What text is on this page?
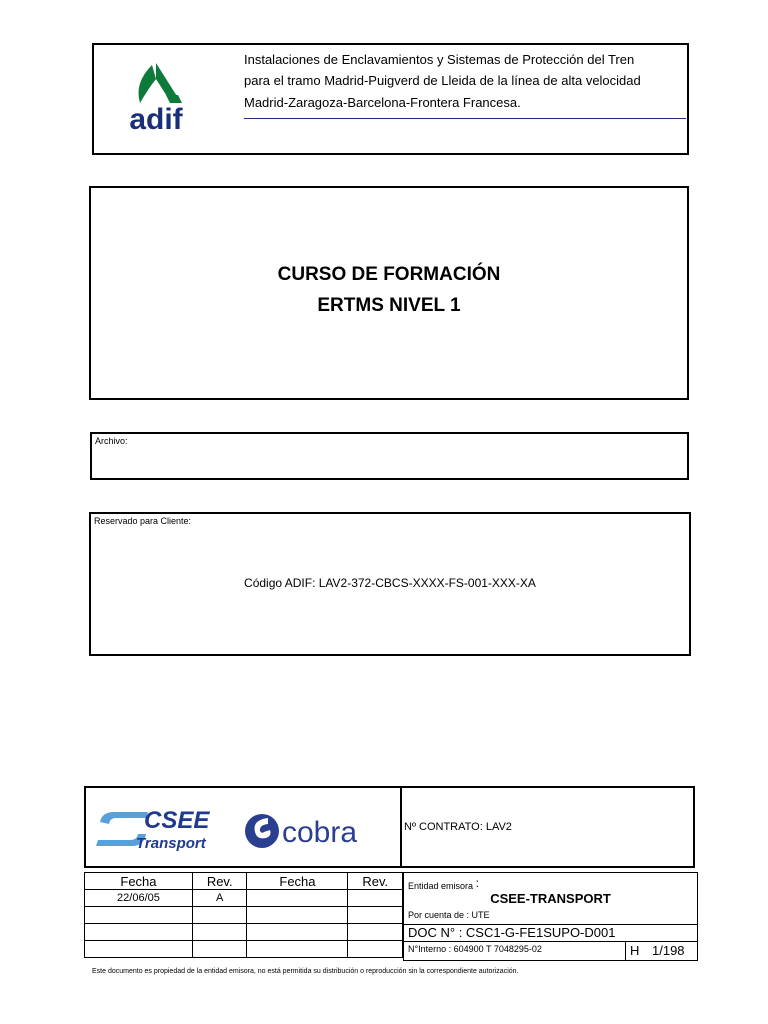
adif
Instalaciones de Enclavamientos y Sistemas de Protección del Tren
para el tramo Madrid-Puigverd de Lleida de la línea de alta velocidad
Madrid-Zaragoza-Barcelona-Frontera Francesa.
CURSO DE FORMACIÓN
ERTMS NIVEL 1
Archivo:
Reservado para Cliente:
Código ADIF: LAV2-372-CBCS-XXXX-FS-001-XXX-XA
CSEE
Transport	cobra	Nº CONTRATO: LAV2
Fecha	Rev.	Fecha	Rev.
22/06/05	A		

Entidad emisora :
CSEE-TRANSPORT
Por cuenta de : UTE
DOC N° : CSC1-G-FE1SUPO-D001
N°Interno : 604900 T 7048295-02	H 1/198
Este documento es propiedad de la entidad emisora, no está permitida su distribución o reproducción sin la correspondiente autorización.
